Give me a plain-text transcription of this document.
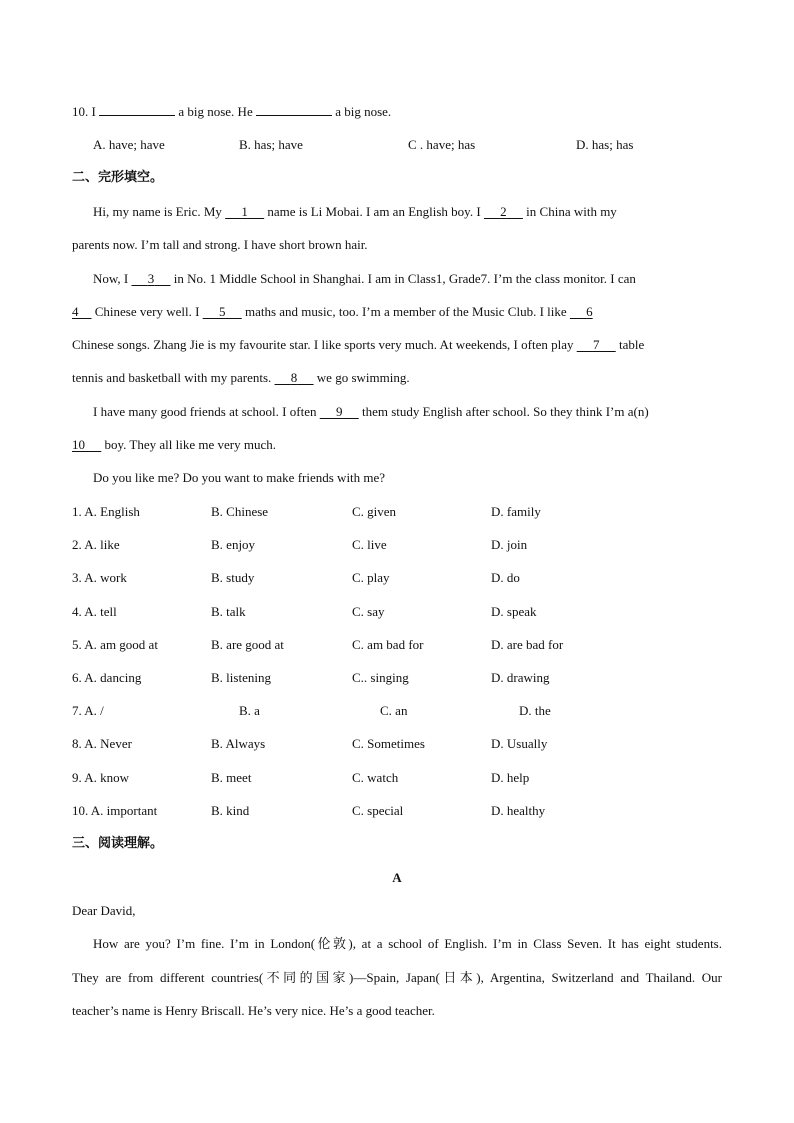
10. I	a big nose. He	a big nose.
A. have; have	B. has; have	C . have; has	D. has; has
二、完形填空。
Hi, my name is Eric. My      1      name is Li Mobai. I am an English boy. I      2      in China with my
parents now. I’m tall and strong. I have short brown hair.
Now, I      3      in No. 1 Middle School in Shanghai. I am in Class1, Grade7. I’m the class monitor. I can
4     Chinese very well. I      5      maths and music, too. I’m a member of the Music Club. I like      6
Chinese songs. Zhang Jie is my favourite star. I like sports very much. At weekends, I often play      7      table
tennis and basketball with my parents.      8      we go swimming.
I have many good friends at school. I often      9      them study English after school. So they think I’m a(n)
10      boy. They all like me very much.
Do you like me? Do you want to make friends with me?
1. A. English	B. Chinese	C. given	D. family
2. A. like	B. enjoy	C. live	D. join
3. A. work	B. study	C. play	D. do
4. A. tell	B. talk	C. say	D. speak
5. A. am good at	B. are good at	C. am bad for	D. are bad for
6. A. dancing	B. listening	C.. singing	D. drawing
7. A. /	B. a	C. an	D. the
8. A. Never	B. Always	C. Sometimes	D. Usually
9. A. know	B. meet	C. watch	D. help
10. A. important	B. kind	C. special	D. healthy
三、阅读理解。
A
Dear David,
How are you? I’m fine. I’m in London(伦敦), at a school of English. I’m in Class Seven. It has eight students.
They are from different countries(不同的国家)—Spain, Japan(日本), Argentina, Switzerland and Thailand. Our
teacher’s name is Henry Briscall. He’s very nice. He’s a good teacher.
